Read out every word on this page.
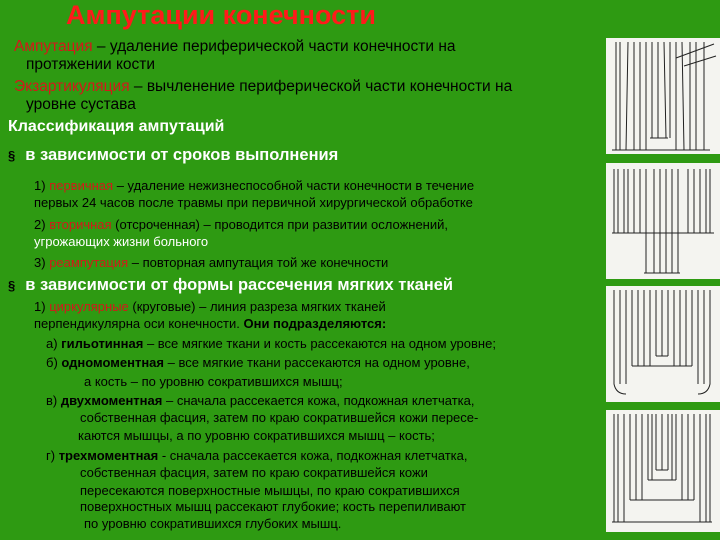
Ампутации конечности
Ампутация – удаление периферической части конечности на
протяжении кости
Экзартикуляция – вычленение периферической части конечности на
уровне сустава
Классификация ампутаций
§ в зависимости от сроков выполнения
1) первичная – удаление нежизнеспособной части конечности в течение
первых 24 часов после травмы при первичной хирургической обработке
2) вторичная (отсроченная) – проводится при развитии осложнений,
угрожающих жизни больного
3) реампутация – повторная ампутация той же конечности
§ в зависимости от формы рассечения мягких тканей
1) циркулярные (круговые) – линия разреза мягких тканей
перпендикулярна оси конечности. Они подразделяются:
а) гильотинная – все мягкие ткани и кость рассекаются на одном уровне;
б) одномоментная – все мягкие ткани рассекаются на одном уровне,
а кость – по уровню сократившихся мышц;
в) двухмоментная – сначала рассекается кожа, подкожная клетчатка,
собственная фасция, затем по краю сократившейся кожи пересе-
каются мышцы, а по уровню сократившихся мышц – кость;
г) трехмоментная - сначала рассекается кожа, подкожная клетчатка,
собственная фасция, затем по краю сократившейся кожи
пересекаются поверхностные мышцы, по краю сократившихся
поверхностных мышц рассекают глубокие; кость перепиливают
по уровню сократившихся глубоких мышц.
